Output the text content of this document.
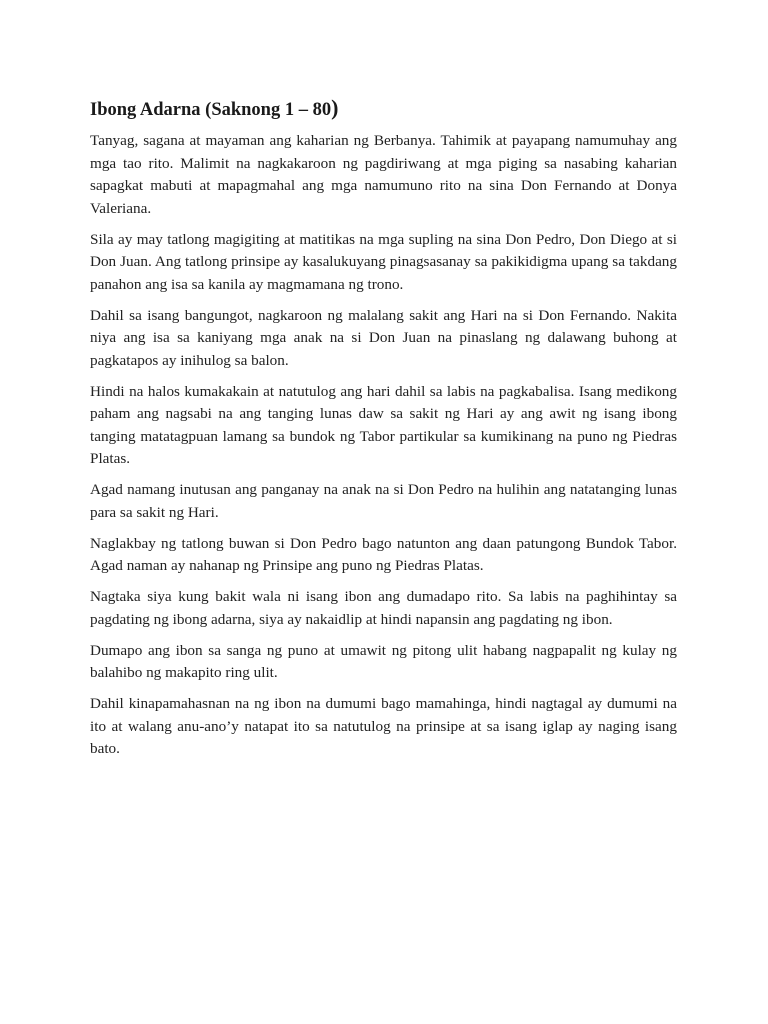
Ibong Adarna (Saknong 1 – 80)

Tanyag, sagana at mayaman ang kaharian ng Berbanya. Tahimik at payapang namumuhay ang mga tao rito. Malimit na nagkakaroon ng pagdiriwang at mga piging sa nasabing kaharian sapagkat mabuti at mapagmahal ang mga namumuno rito na sina Don Fernando at Donya Valeriana.

Sila ay may tatlong magigiting at matitikas na mga supling na sina Don Pedro, Don Diego at si Don Juan. Ang tatlong prinsipe ay kasalukuyang pinagsasanay sa pakikidigma upang sa takdang panahon ang isa sa kanila ay magmamana ng trono.

Dahil sa isang bangungot, nagkaroon ng malalang sakit ang Hari na si Don Fernando. Nakita niya ang isa sa kaniyang mga anak na si Don Juan na pinaslang ng dalawang buhong at pagkatapos ay inihulog sa balon.

Hindi na halos kumakakain at natutulog ang hari dahil sa labis na pagkabalisa. Isang medikong paham ang nagsabi na ang tanging lunas daw sa sakit ng Hari ay ang awit ng isang ibong tanging matatagpuan lamang sa bundok ng Tabor partikular sa kumikinang na puno ng Piedras Platas.

Agad namang inutusan ang panganay na anak na si Don Pedro na hulihin ang natatanging lunas para sa sakit ng Hari.

Naglakbay ng tatlong buwan si Don Pedro bago natunton ang daan patungong Bundok Tabor. Agad naman ay nahanap ng Prinsipe ang puno ng Piedras Platas.

Nagtaka siya kung bakit wala ni isang ibon ang dumadapo rito. Sa labis na paghihintay sa pagdating ng ibong adarna, siya ay nakaidlip at hindi napansin ang pagdating ng ibon.

Dumapo ang ibon sa sanga ng puno at umawit ng pitong ulit habang nagpapalit ng kulay ng balahibo ng makapito ring ulit.

Dahil kinapamahasnan na ng ibon na dumumi bago mamahinga, hindi nagtagal ay dumumi na ito at walang anu-ano’y natapat ito sa natutulog na prinsipe at sa isang iglap ay naging isang bato.
